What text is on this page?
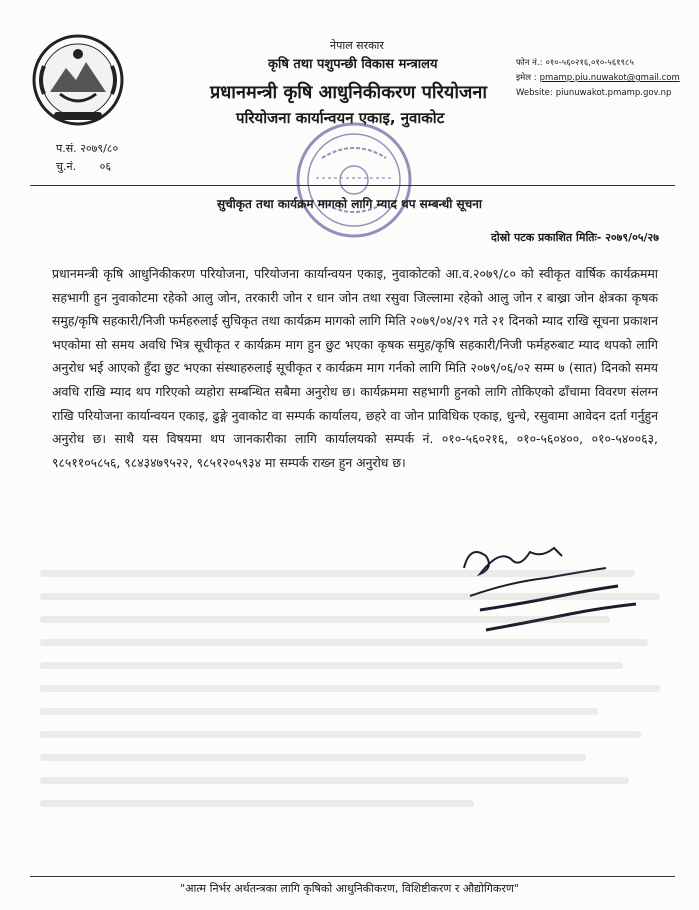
नेपाल सरकार
कृषि तथा पशुपन्छी विकास मन्त्रालय
प्रधानमन्त्री कृषि आधुनिकीकरण परियोजना
परियोजना कार्यान्वयन एकाइ, नुवाकोट
फोन नं.: ०१०-५६०२१६,०१०-५६१९८५
इमेल : pmamp.piu.nuwakot@gmail.com
Website: piunuwakot.pmamp.gov.np
प.सं. २०७९/८०
चु.नं. ०६
सुचीकृत तथा कार्यक्रम मागको लागि म्याद थप सम्बन्धी सूचना
दोस्रो पटक प्रकाशित मितिः- २०७९/०५/२७
प्रधानमन्त्री कृषि आधुनिकीकरण परियोजना, परियोजना कार्यान्वयन एकाइ, नुवाकोटको आ.व.२०७९/८० को स्वीकृत वार्षिक कार्यक्रममा सहभागी हुन नुवाकोटमा रहेको आलु जोन, तरकारी जोन र धान जोन तथा रसुवा जिल्लामा रहेको आलु जोन र बाख्रा जोन क्षेत्रका कृषक समुह/कृषि सहकारी/निजी फर्महरुलाई सुचिकृत तथा कार्यक्रम मागको लागि मिति २०७९/०४/२९ गते २१ दिनको म्याद राखि सूचना प्रकाशन भएकोमा सो समय अवधि भित्र सूचीकृत र कार्यक्रम माग हुन छुट भएका कृषक समुह/कृषि सहकारी/निजी फर्महरुबाट म्याद थपको लागि अनुरोध भई आएको हुँदा छुट भएका संस्थाहरुलाई सूचीकृत र कार्यक्रम माग गर्नको लागि मिति २०७९/०६/०२ सम्म ७ (सात) दिनको समय अवधि राखि म्याद थप गरिएको व्यहोरा सम्बन्धित सबैमा अनुरोध छ। कार्यक्रममा सहभागी हुनको लागि तोकिएको ढाँचामा विवरण संलग्न राखि परियोजना कार्यान्वयन एकाइ, ढुङ्गे नुवाकोट वा सम्पर्क कार्यालय, छहरे वा जोन प्राविधिक एकाइ, धुन्चे, रसुवामा आवेदन दर्ता गर्नुहुन अनुरोध छ। साथै यस विषयमा थप जानकारीका लागि कार्यालयको सम्पर्क नं. ०१०-५६०२१६, ०१०-५६०४००, ०१०-५४००६३, ९८५११०५८५६, ९८४३४७९५२२, ९८५१२०५९३४ मा सम्पर्क राख्न हुन अनुरोध छ।
"आत्म निर्भर अर्थतन्त्रका लागि कृषिको आधुनिकीकरण, विशिष्टीकरण र औद्योगिकरण"
